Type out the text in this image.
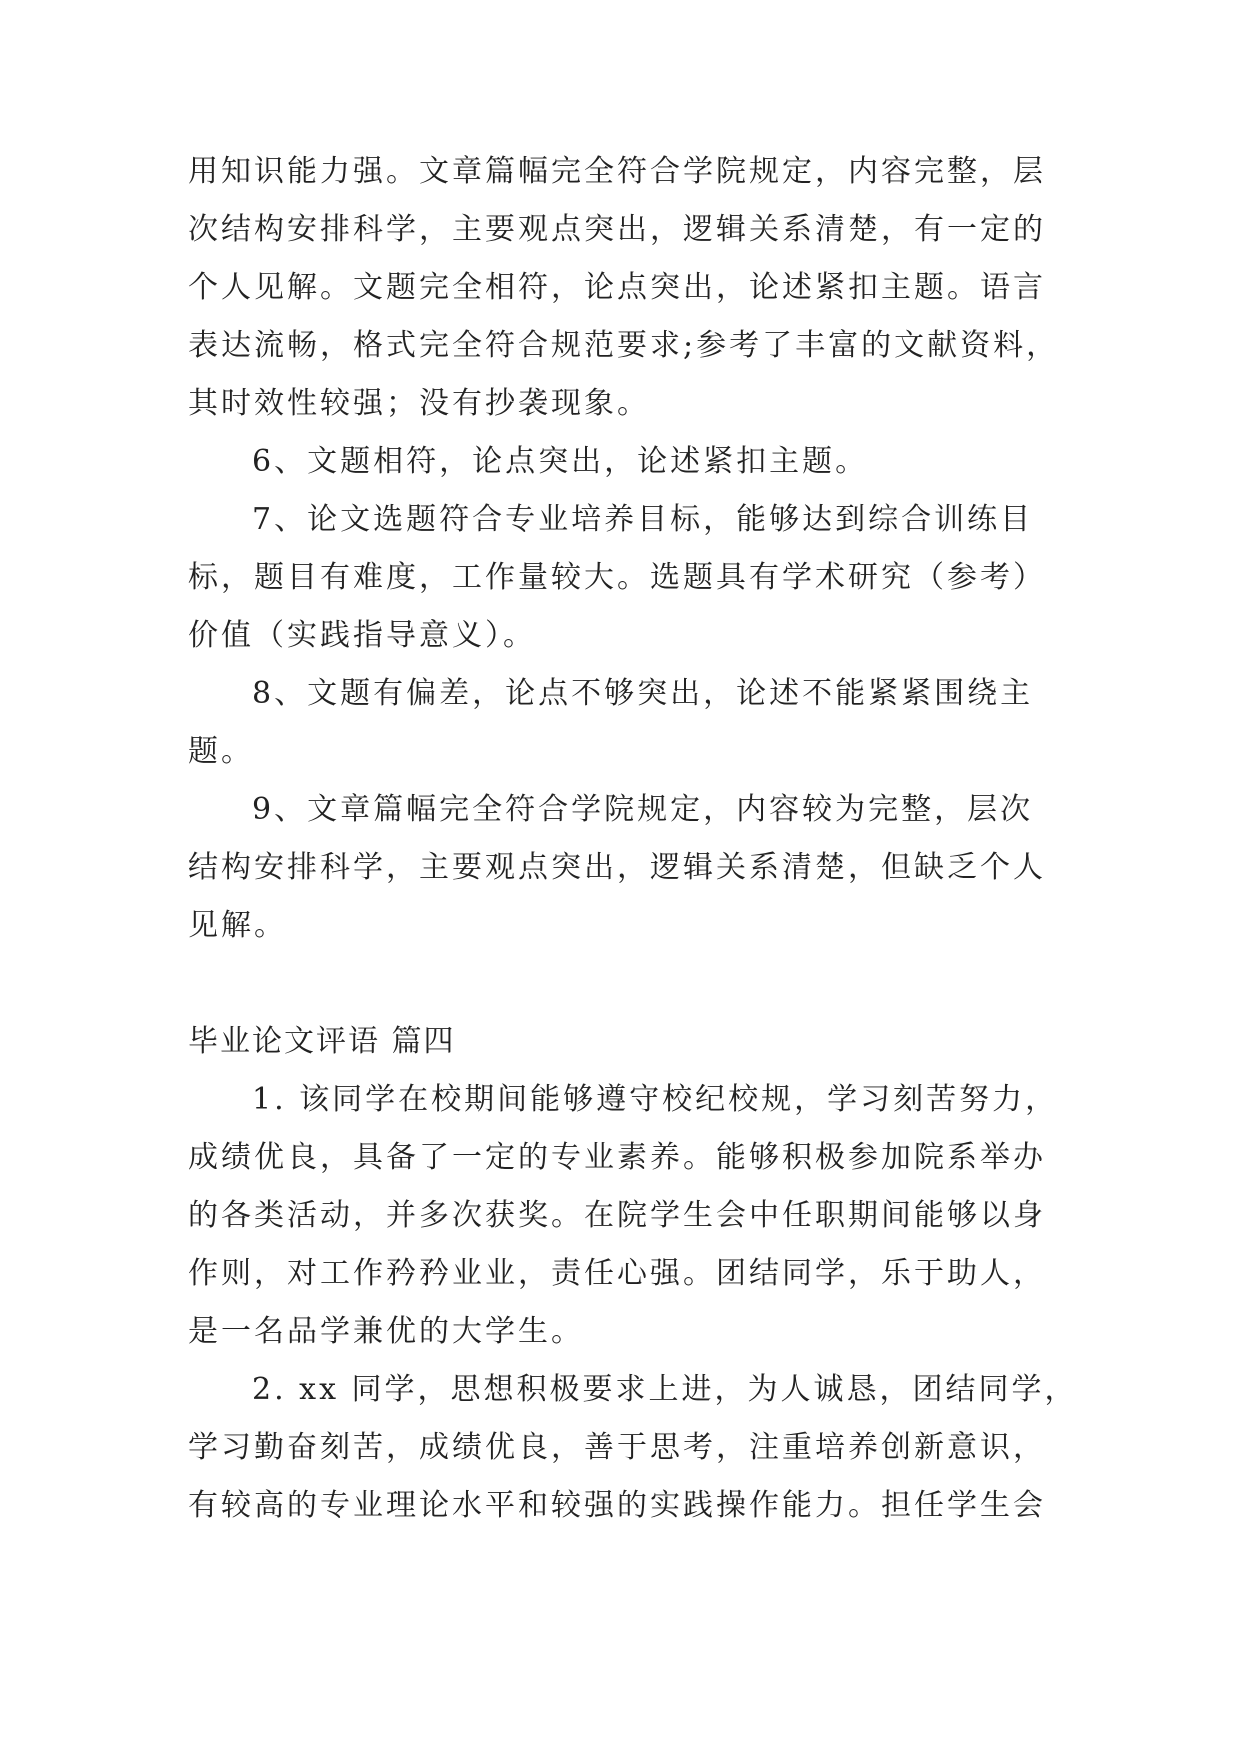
用知识能力强。文章篇幅完全符合学院规定，内容完整，层
次结构安排科学，主要观点突出，逻辑关系清楚，有一定的
个人见解。文题完全相符，论点突出，论述紧扣主题。语言
表达流畅，格式完全符合规范要求;参考了丰富的文献资料，
其时效性较强；没有抄袭现象。
6、文题相符，论点突出，论述紧扣主题。
7、论文选题符合专业培养目标，能够达到综合训练目
标，题目有难度，工作量较大。选题具有学术研究（参考）
价值（实践指导意义）。
8、文题有偏差，论点不够突出，论述不能紧紧围绕主
题。
9、文章篇幅完全符合学院规定，内容较为完整，层次
结构安排科学，主要观点突出，逻辑关系清楚，但缺乏个人
见解。
毕业论文评语 篇四
1. 该同学在校期间能够遵守校纪校规，学习刻苦努力，
成绩优良，具备了一定的专业素养。能够积极参加院系举办
的各类活动，并多次获奖。在院学生会中任职期间能够以身
作则，对工作矜矜业业，责任心强。团结同学，乐于助人，
是一名品学兼优的大学生。
2. xx 同学，思想积极要求上进，为人诚恳，团结同学，
学习勤奋刻苦，成绩优良，善于思考，注重培养创新意识，
有较高的专业理论水平和较强的实践操作能力。担任学生会
